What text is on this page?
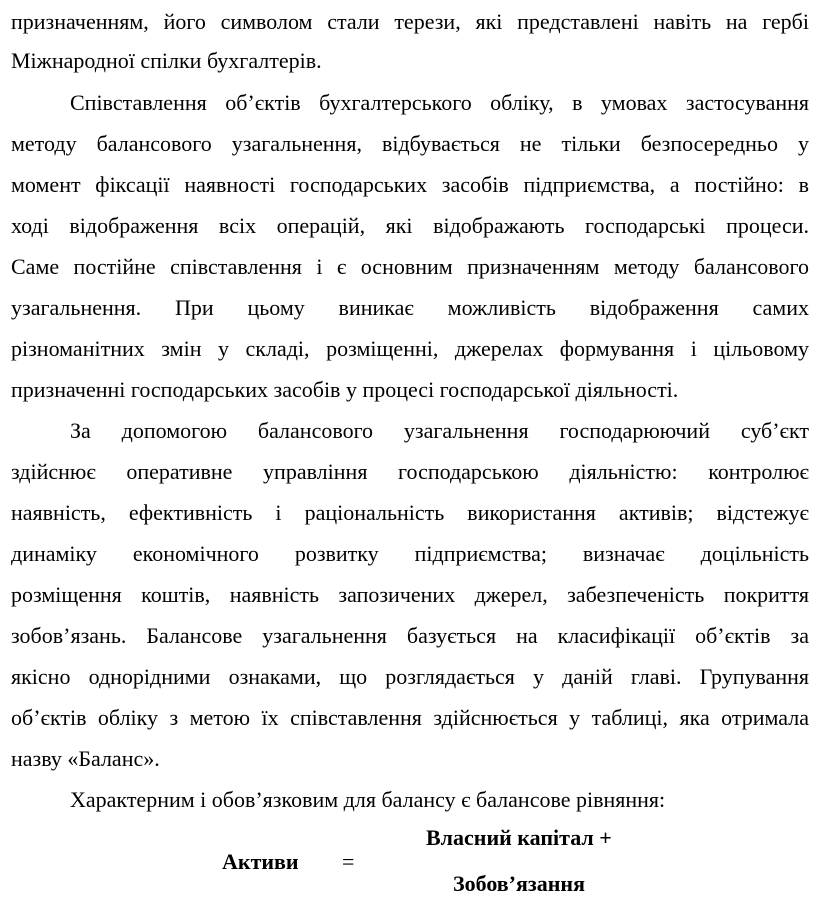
призначенням, його символом стали терези, які представлені навіть на гербі
Міжнародної спілки бухгалтерів.
Співставлення об’єктів бухгалтерського обліку, в умовах застосування
методу балансового узагальнення, відбувається не тільки безпосередньо у
момент фіксації наявності господарських засобів підприємства, а постійно: в
ході відображення всіх операцій, які відображають господарські процеси.
Саме постійне співставлення і є основним призначенням методу балансового
узагальнення. При цьому виникає можливість відображення самих
різноманітних змін у складі, розміщенні, джерелах формування і цільовому
призначенні господарських засобів у процесі господарської діяльності.
За допомогою балансового узагальнення господарюючий суб’єкт
здійснює оперативне управління господарською діяльністю: контролює
наявність, ефективність і раціональність використання активів; відстежує
динаміку економічного розвитку підприємства; визначає доцільність
розміщення коштів, наявність запозичених джерел, забезпеченість покриття
зобов’язань. Балансове узагальнення базується на класифікації об’єктів за
якісно однорідними ознаками, що розглядається у даній главі. Групування
об’єктів обліку з метою їх співставлення здійснюється у таблиці, яка отримала
назву «Баланс».
Характерним і обов’язковим для балансу є балансове рівняння:
Власний капітал +
Активи =
Зобов’язання
